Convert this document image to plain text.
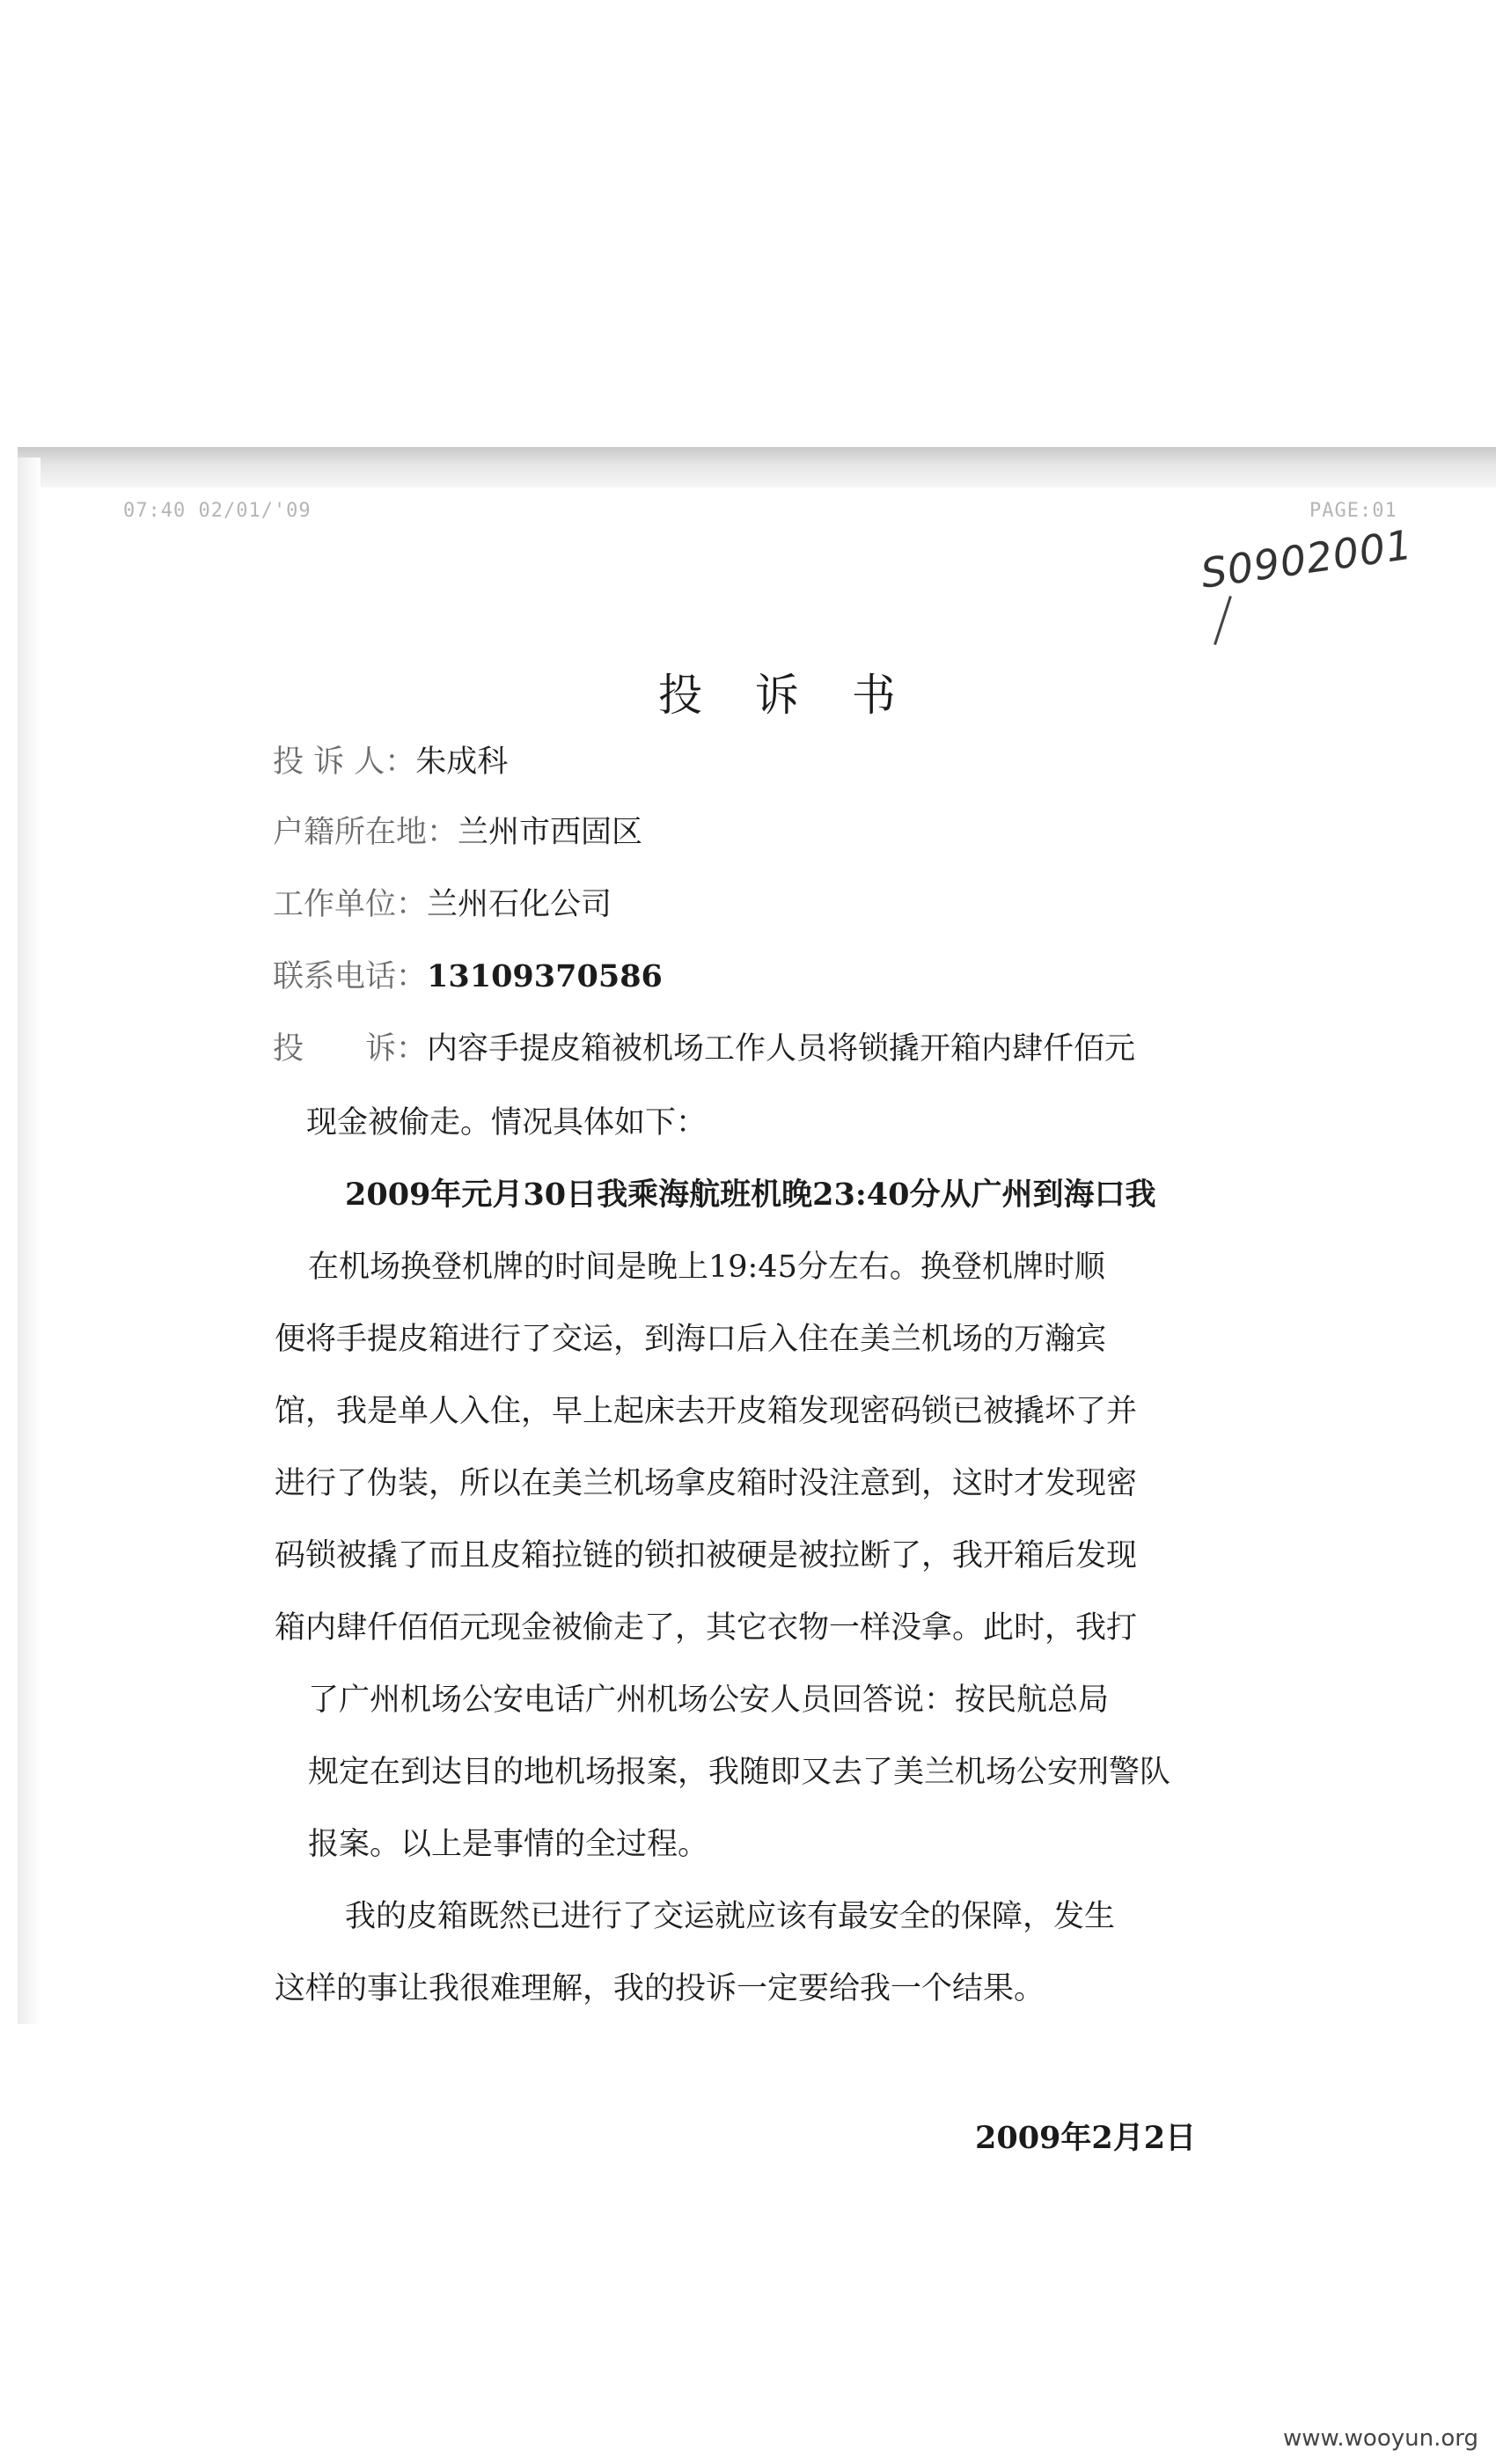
07:40 02/01/'09	PAGE:01
S0902001
投 诉 书
投 诉 人：朱成科
户籍所在地：兰州市西固区
工作单位：兰州石化公司
联系电话：13109370586
投　　诉：内容手提皮箱被机场工作人员将锁撬开箱内肆仟佰元
现金被偷走。情况具体如下：
2009年元月30日我乘海航班机晚23:40分从广州到海口我
在机场换登机牌的时间是晚上19:45分左右。换登机牌时顺
便将手提皮箱进行了交运，到海口后入住在美兰机场的万瀚宾
馆，我是单人入住，早上起床去开皮箱发现密码锁已被撬坏了并
进行了伪装，所以在美兰机场拿皮箱时没注意到，这时才发现密
码锁被撬了而且皮箱拉链的锁扣被硬是被拉断了，我开箱后发现
箱内肆仟佰佰元现金被偷走了，其它衣物一样没拿。此时，我打
了广州机场公安电话广州机场公安人员回答说：按民航总局
规定在到达目的地机场报案，我随即又去了美兰机场公安刑警队
报案。以上是事情的全过程。
我的皮箱既然已进行了交运就应该有最安全的保障，发生
这样的事让我很难理解，我的投诉一定要给我一个结果。
2009年2月2日
www.wooyun.org
